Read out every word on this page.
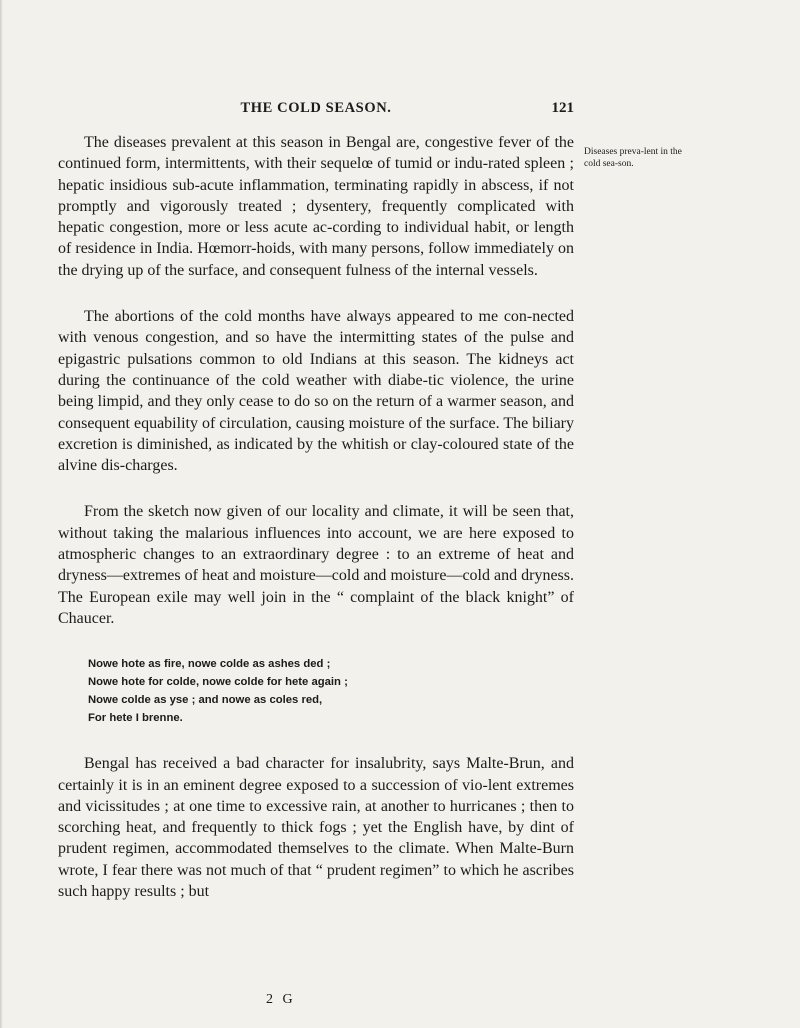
THE COLD SEASON.	121
Diseases preva-lent in the cold sea-son.

The diseases prevalent at this season in Bengal are, congestive fever of the continued form, intermittents, with their sequelœ of tumid or indu-rated spleen ; hepatic insidious sub-acute inflammation, terminating rapidly in abscess, if not promptly and vigorously treated ; dysentery, frequently complicated with hepatic congestion, more or less acute ac-cording to individual habit, or length of residence in India. Hœmorr-hoids, with many persons, follow immediately on the drying up of the surface, and consequent fulness of the internal vessels.

The abortions of the cold months have always appeared to me con-nected with venous congestion, and so have the intermitting states of the pulse and epigastric pulsations common to old Indians at this season. The kidneys act during the continuance of the cold weather with diabe-tic violence, the urine being limpid, and they only cease to do so on the return of a warmer season, and consequent equability of circulation, causing moisture of the surface. The biliary excretion is diminished, as indicated by the whitish or clay-coloured state of the alvine dis-charges.

From the sketch now given of our locality and climate, it will be seen that, without taking the malarious influences into account, we are here exposed to atmospheric changes to an extraordinary degree : to an extreme of heat and dryness—extremes of heat and moisture—cold and moisture—cold and dryness. The European exile may well join in the “ complaint of the black knight” of Chaucer.

Nowe hote as fire, nowe colde as ashes ded ;
Nowe hote for colde, nowe colde for hete again ;
Nowe colde as yse ; and nowe as coles red,
For hete I brenne.

Bengal has received a bad character for insalubrity, says Malte-Brun, and certainly it is in an eminent degree exposed to a succession of vio-lent extremes and vicissitudes ; at one time to excessive rain, at another to hurricanes ; then to scorching heat, and frequently to thick fogs ; yet the English have, by dint of prudent regimen, accommodated themselves to the climate. When Malte-Burn wrote, I fear there was not much of that “ prudent regimen” to which he ascribes such happy results ; but

2 G
